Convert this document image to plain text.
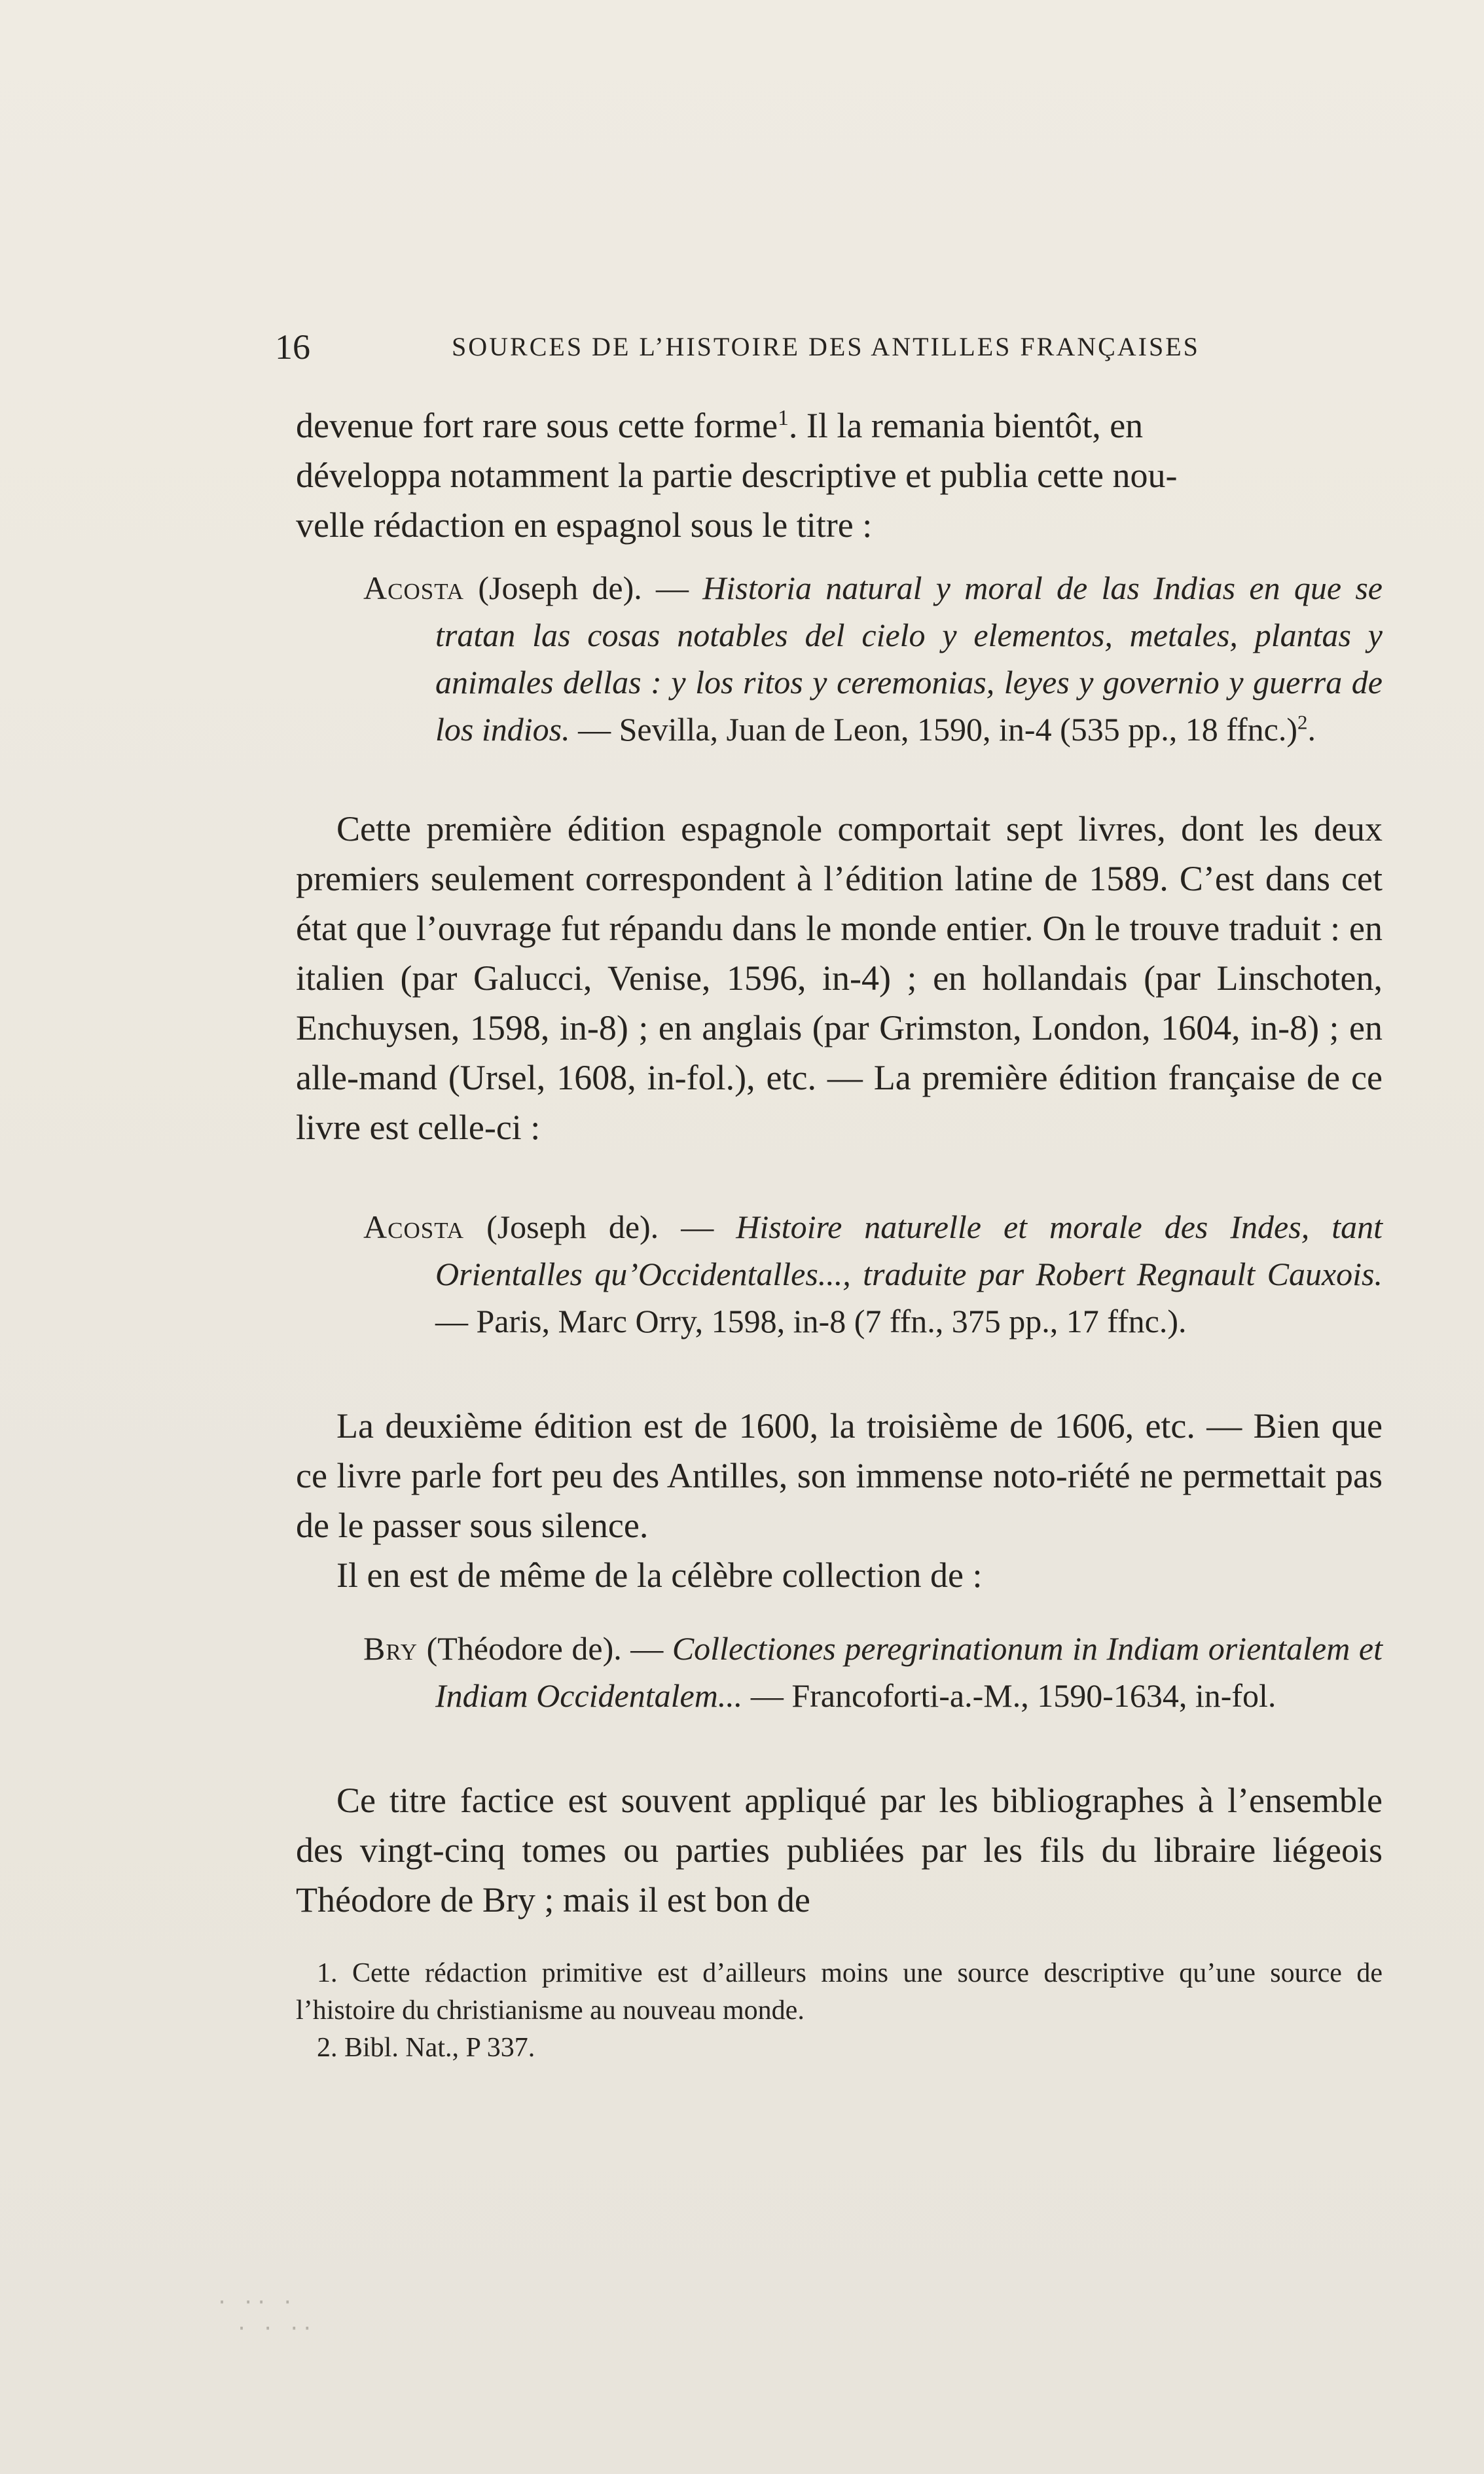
16	SOURCES DE L’HISTOIRE DES ANTILLES FRANÇAISES

devenue fort rare sous cette forme$^1$. Il la remania bientôt, en

développa notamment la partie descriptive et publia cette nou-

velle rédaction en espagnol sous le titre :

Acosta (Joseph de). — Historia natural y moral de las Indias en que se tratan las cosas notables del cielo y elementos, metales, plantas y animales dellas : y los ritos y ceremonias, leyes y governio y guerra de los indios. — Sevilla, Juan de Leon, 1590, in-4 (535 pp., 18 ffnc.)$^2$.

Cette première édition espagnole comportait sept livres, dont les deux premiers seulement correspondent à l’édition latine de 1589. C’est dans cet état que l’ouvrage fut répandu dans le monde entier. On le trouve traduit : en italien (par Galucci, Venise, 1596, in-4) ; en hollandais (par Linschoten, Enchuysen, 1598, in-8) ; en anglais (par Grimston, London, 1604, in-8) ; en alle-mand (Ursel, 1608, in-fol.), etc. — La première édition française de ce livre est celle-ci :

Acosta (Joseph de). — Histoire naturelle et morale des Indes, tant Orientalles qu’Occidentalles..., traduite par Robert Regnault Cauxois. — Paris, Marc Orry, 1598, in-8 (7 ffn., 375 pp., 17 ffnc.).

La deuxième édition est de 1600, la troisième de 1606, etc. — Bien que ce livre parle fort peu des Antilles, son immense noto-riété ne permettait pas de le passer sous silence.

Il en est de même de la célèbre collection de :

Bry (Théodore de). — Collectiones peregrinationum in Indiam orientalem et Indiam Occidentalem... — Francoforti-a.-M., 1590-1634, in-fol.

Ce titre factice est souvent appliqué par les bibliographes à l’ensemble des vingt-cinq tomes ou parties publiées par les fils du libraire liégeois Théodore de Bry ; mais il est bon de

1. Cette rédaction primitive est d’ailleurs moins une source descriptive qu’une source de l’histoire du christianisme au nouveau monde.

2. Bibl. Nat., P 337.

· ·· ·
· · ··
